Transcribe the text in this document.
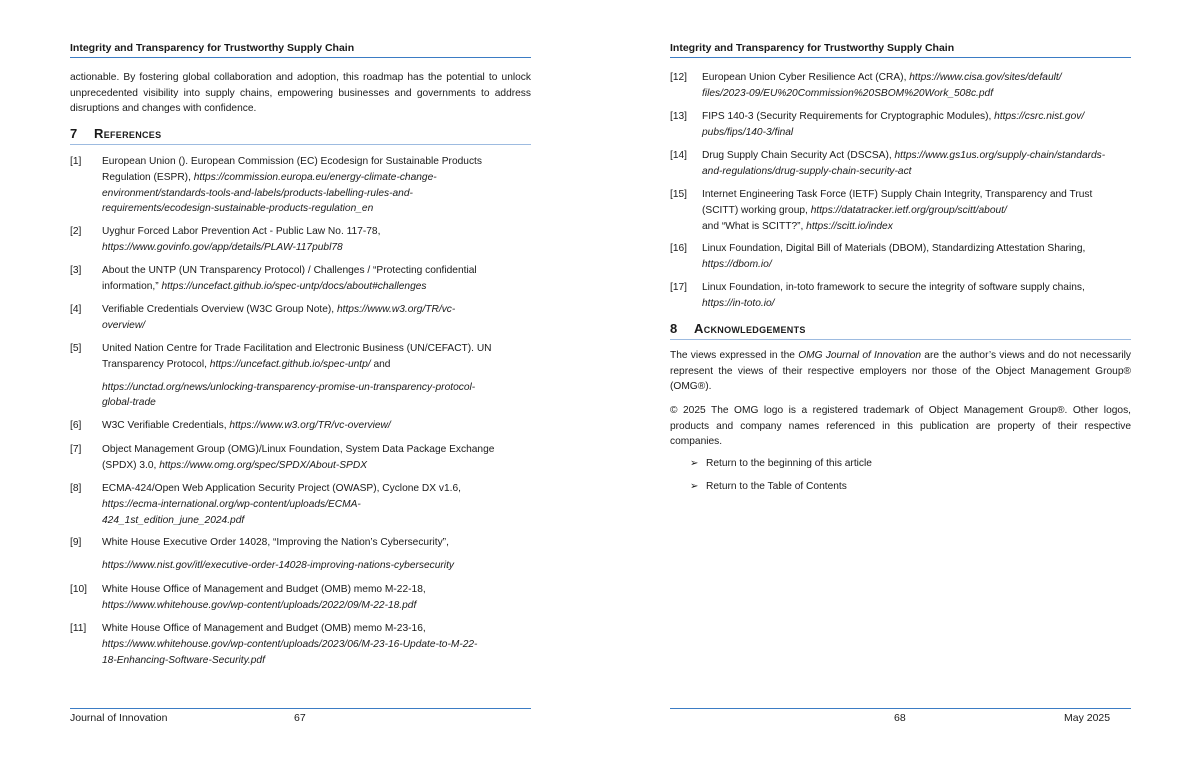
Integrity and Transparency for Trustworthy Supply Chain
actionable. By fostering global collaboration and adoption, this roadmap has the potential to unlock unprecedented visibility into supply chains, empowering businesses and governments to address disruptions and changes with confidence.
7 References
[1]	European Union (). European Commission (EC) Ecodesign for Sustainable Products
Regulation (ESPR), https://commission.europa.eu/energy-climate-change-
environment/standards-tools-and-labels/products-labelling-rules-and-
requirements/ecodesign-sustainable-products-regulation_en
[2]	Uyghur Forced Labor Prevention Act - Public Law No. 117-78,
https://www.govinfo.gov/app/details/PLAW-117publ78
[3]	About the UNTP (UN Transparency Protocol) / Challenges / “Protecting confidential
information,” https://uncefact.github.io/spec-untp/docs/about#challenges
[4]	Verifiable Credentials Overview (W3C Group Note), https://www.w3.org/TR/vc-
overview/
[5]	United Nation Centre for Trade Facilitation and Electronic Business (UN/CEFACT). UN
Transparency Protocol, https://uncefact.github.io/spec-untp/ and

https://unctad.org/news/unlocking-transparency-promise-un-transparency-protocol-
global-trade
[6]	W3C Verifiable Credentials, https://www.w3.org/TR/vc-overview/
[7]	Object Management Group (OMG)/Linux Foundation, System Data Package Exchange
(SPDX) 3.0, https://www.omg.org/spec/SPDX/About-SPDX
[8]	ECMA-424/Open Web Application Security Project (OWASP), Cyclone DX v1.6,
https://ecma-international.org/wp-content/uploads/ECMA-
424_1st_edition_june_2024.pdf
[9]	White House Executive Order 14028, “Improving the Nation’s Cybersecurity”,

https://www.nist.gov/itl/executive-order-14028-improving-nations-cybersecurity
[10]	White House Office of Management and Budget (OMB) memo M-22-18,
https://www.whitehouse.gov/wp-content/uploads/2022/09/M-22-18.pdf
[11]	White House Office of Management and Budget (OMB) memo M-23-16,
https://www.whitehouse.gov/wp-content/uploads/2023/06/M-23-16-Update-to-M-22-
18-Enhancing-Software-Security.pdf
Journal of Innovation	67
Integrity and Transparency for Trustworthy Supply Chain
[12]	European Union Cyber Resilience Act (CRA), https://www.cisa.gov/sites/default/
files/2023-09/EU%20Commission%20SBOM%20Work_508c.pdf
[13]	FIPS 140-3 (Security Requirements for Cryptographic Modules), https://csrc.nist.gov/
pubs/fips/140-3/final
[14]	Drug Supply Chain Security Act (DSCSA), https://www.gs1us.org/supply-chain/standards-
and-regulations/drug-supply-chain-security-act
[15]	Internet Engineering Task Force (IETF) Supply Chain Integrity, Transparency and Trust
(SCITT) working group, https://datatracker.ietf.org/group/scitt/about/
and “What is SCITT?”, https://scitt.io/index
[16]	Linux Foundation, Digital Bill of Materials (DBOM), Standardizing Attestation Sharing,
https://dbom.io/
[17]	Linux Foundation, in-toto framework to secure the integrity of software supply chains,
https://in-toto.io/
8 Acknowledgements
The views expressed in the OMG Journal of Innovation are the author’s views and do not necessarily represent the views of their respective employers nor those of the Object Management Group® (OMG®).
© 2025 The OMG logo is a registered trademark of Object Management Group®. Other logos, products and company names referenced in this publication are property of their respective companies.
68	May 2025
➢ Return to the beginning of this article
➢ Return to the Table of Contents
